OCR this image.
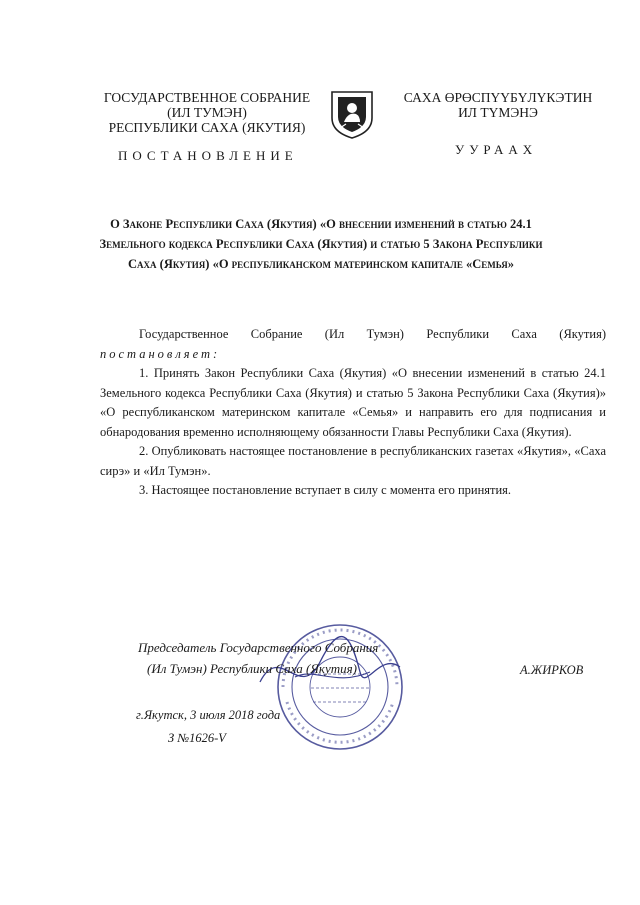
ГОСУДАРСТВЕННОЕ СОБРАНИЕ
(ИЛ ТУМЭН)
РЕСПУБЛИКИ САХА (ЯКУТИЯ)
САХА ӨРӨСПҮҮБҮЛҮКЭТИН
ИЛ ТҮМЭНЭ
ПОСТАНОВЛЕНИЕ	УУРААХ
О Законе Республики Саха (Якутия) «О внесении изменений в статью 24.1
Земельного кодекса Республики Саха (Якутия) и статью 5 Закона Республики
Саха (Якутия) «О республиканском материнском капитале «Семья»

Государственное Собрание (Ил Тумэн) Республики Саха (Якутия)

постановляет:

1. Принять Закон Республики Саха (Якутия) «О внесении изменений в статью 24.1 Земельного кодекса Республики Саха (Якутия) и статью 5 Закона Республики Саха (Якутия)» «О республиканском материнском капитале «Семья» и направить его для подписания и обнародования временно исполняющему обязанности Главы Республики Саха (Якутия).

2. Опубликовать настоящее постановление в республиканских газетах «Якутия», «Саха сирэ» и «Ил Тумэн».

3. Настоящее постановление вступает в силу с момента его принятия.

Председатель Государственного Собрания
(Ил Тумэн) Республики Саха (Якутия)	А.ЖИРКОВ
г.Якутск, 3 июля 2018 года
З №1626-V
